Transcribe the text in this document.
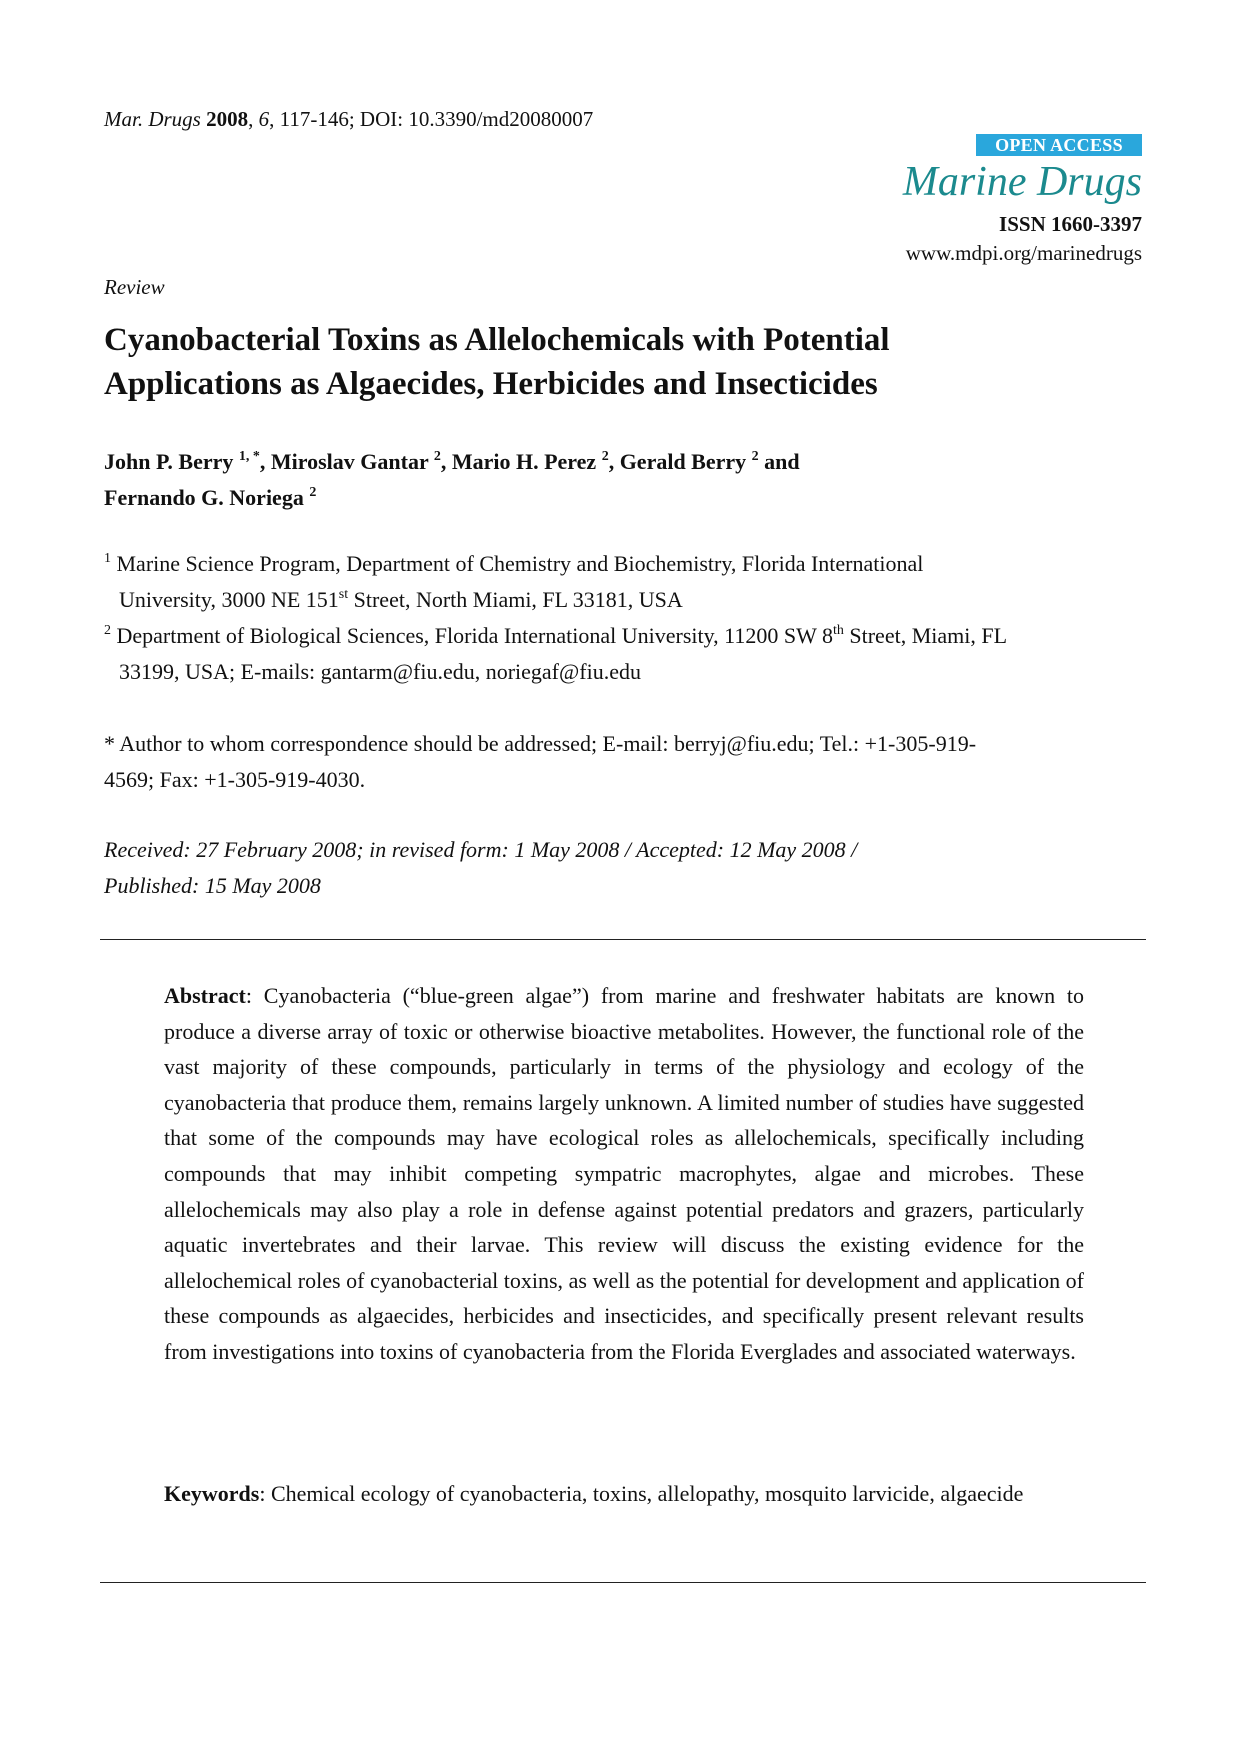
Mar. Drugs 2008, 6, 117-146; DOI: 10.3390/md20080007
OPEN ACCESS
Marine Drugs
ISSN 1660-3397
www.mdpi.org/marinedrugs
Review
Cyanobacterial Toxins as Allelochemicals with Potential
Applications as Algaecides, Herbicides and Insecticides
John P. Berry $^{1, *}$, Miroslav Gantar $^2$, Mario H. Perez $^2$, Gerald Berry $^2$ and
Fernando G. Noriega $^2$
$^1$ Marine Science Program, Department of Chemistry and Biochemistry, Florida International
University, 3000 NE 151st Street, North Miami, FL 33181, USA
$^2$ Department of Biological Sciences, Florida International University, 11200 SW 8th Street, Miami, FL
33199, USA; E-mails: gantarm@fiu.edu, noriegaf@fiu.edu
* Author to whom correspondence should be addressed; E-mail: berryj@fiu.edu; Tel.: +1-305-919-
4569; Fax: +1-305-919-4030.
Received: 27 February 2008; in revised form: 1 May 2008 / Accepted: 12 May 2008 /
Published: 15 May 2008
Abstract: Cyanobacteria (“blue-green algae”) from marine and freshwater habitats are known to produce a diverse array of toxic or otherwise bioactive metabolites. However, the functional role of the vast majority of these compounds, particularly in terms of the physiology and ecology of the cyanobacteria that produce them, remains largely unknown. A limited number of studies have suggested that some of the compounds may have ecological roles as allelochemicals, specifically including compounds that may inhibit competing sympatric macrophytes, algae and microbes. These allelochemicals may also play a role in defense against potential predators and grazers, particularly aquatic invertebrates and their larvae. This review will discuss the existing evidence for the allelochemical roles of cyanobacterial toxins, as well as the potential for development and application of these compounds as algaecides, herbicides and insecticides, and specifically present relevant results from investigations into toxins of cyanobacteria from the Florida Everglades and associated waterways.
Keywords: Chemical ecology of cyanobacteria, toxins, allelopathy, mosquito larvicide, algaecide
